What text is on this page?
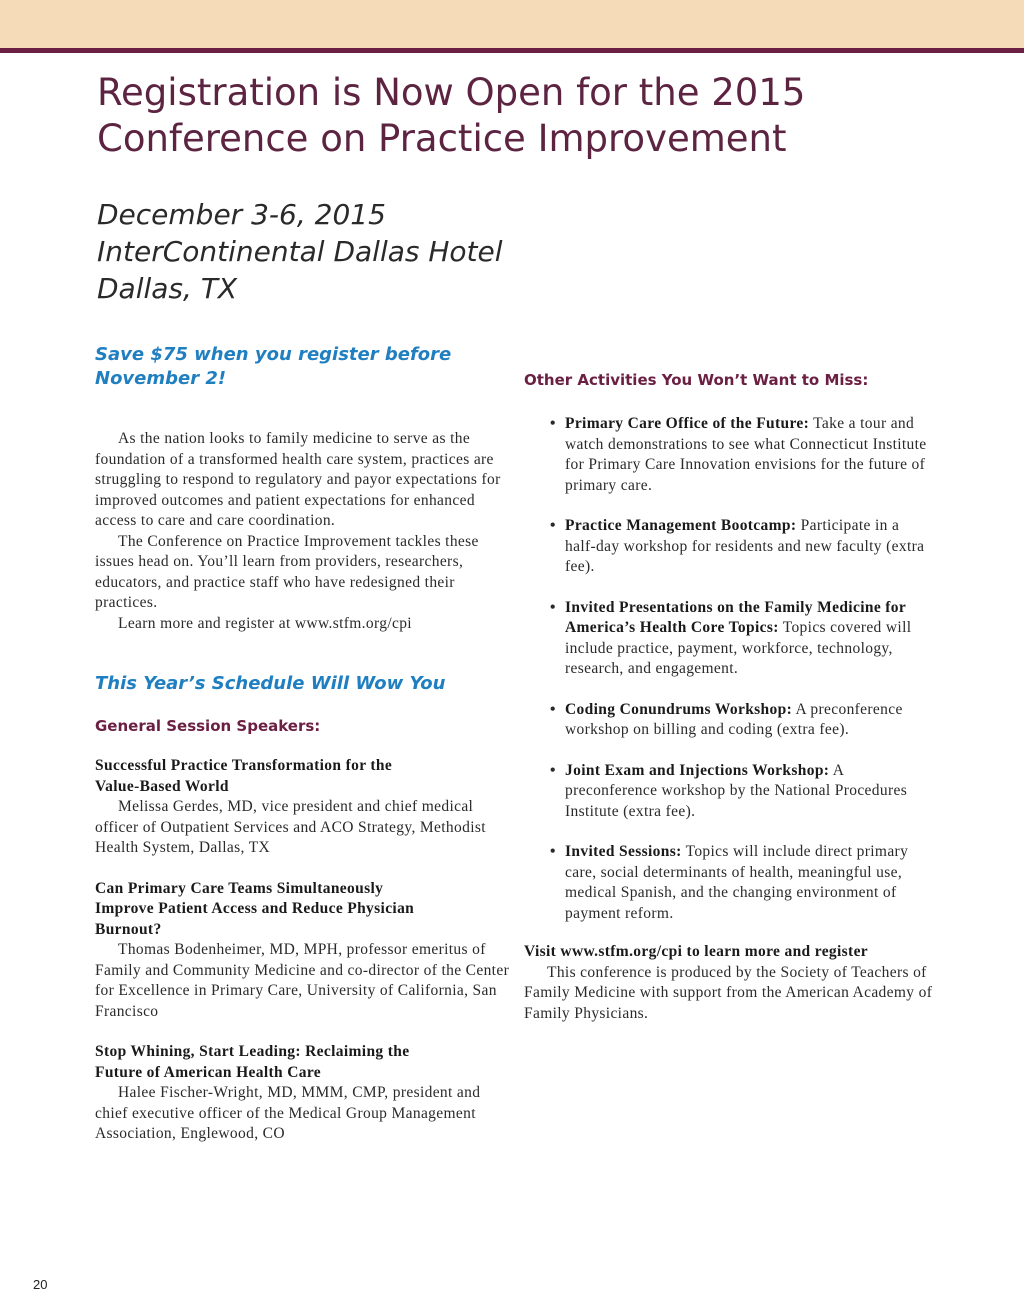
Registration is Now Open for the 2015
Conference on Practice Improvement
December 3-6, 2015
InterContinental Dallas Hotel
Dallas, TX
Save $75 when you register before
November 2!

As the nation looks to family medicine to serve as the foundation of a transformed health care system, practices are struggling to respond to regulatory and payor expectations for improved outcomes and patient expectations for enhanced access to care and care coordination.

The Conference on Practice Improvement tackles these issues head on. You’ll learn from providers, researchers, educators, and practice staff who have redesigned their practices.

Learn more and register at www.stfm.org/cpi

This Year’s Schedule Will Wow You
General Session Speakers:
Successful Practice Transformation for the
Value-Based World
Melissa Gerdes, MD, vice president and chief medical officer of Outpatient Services and ACO Strategy, Methodist Health System, Dallas, TX
Can Primary Care Teams Simultaneously
Improve Patient Access and Reduce Physician
Burnout?
Thomas Bodenheimer, MD, MPH, professor emeritus of Family and Community Medicine and co-director of the Center for Excellence in Primary Care, University of California, San Francisco
Stop Whining, Start Leading: Reclaiming the
Future of American Health Care
Halee Fischer-Wright, MD, MMM, CMP, president and chief executive officer of the Medical Group Management Association, Englewood, CO
Other Activities You Won’t Want to Miss:
• Primary Care Office of the Future: Take a tour and watch demonstrations to see what Connecticut Institute for Primary Care Innovation envisions for the future of primary care.
• Practice Management Bootcamp: Participate in a half-day workshop for residents and new faculty (extra fee).
• Invited Presentations on the Family Medicine for America’s Health Core Topics: Topics covered will include practice, payment, workforce, technology, research, and engagement.
• Coding Conundrums Workshop: A preconference workshop on billing and coding (extra fee).
• Joint Exam and Injections Workshop: A preconference workshop by the National Procedures Institute (extra fee).
• Invited Sessions: Topics will include direct primary care, social determinants of health, meaningful use, medical Spanish, and the changing environment of payment reform.
Visit www.stfm.org/cpi to learn more and register

This conference is produced by the Society of Teachers of Family Medicine with support from the American Academy of Family Physicians.

20
